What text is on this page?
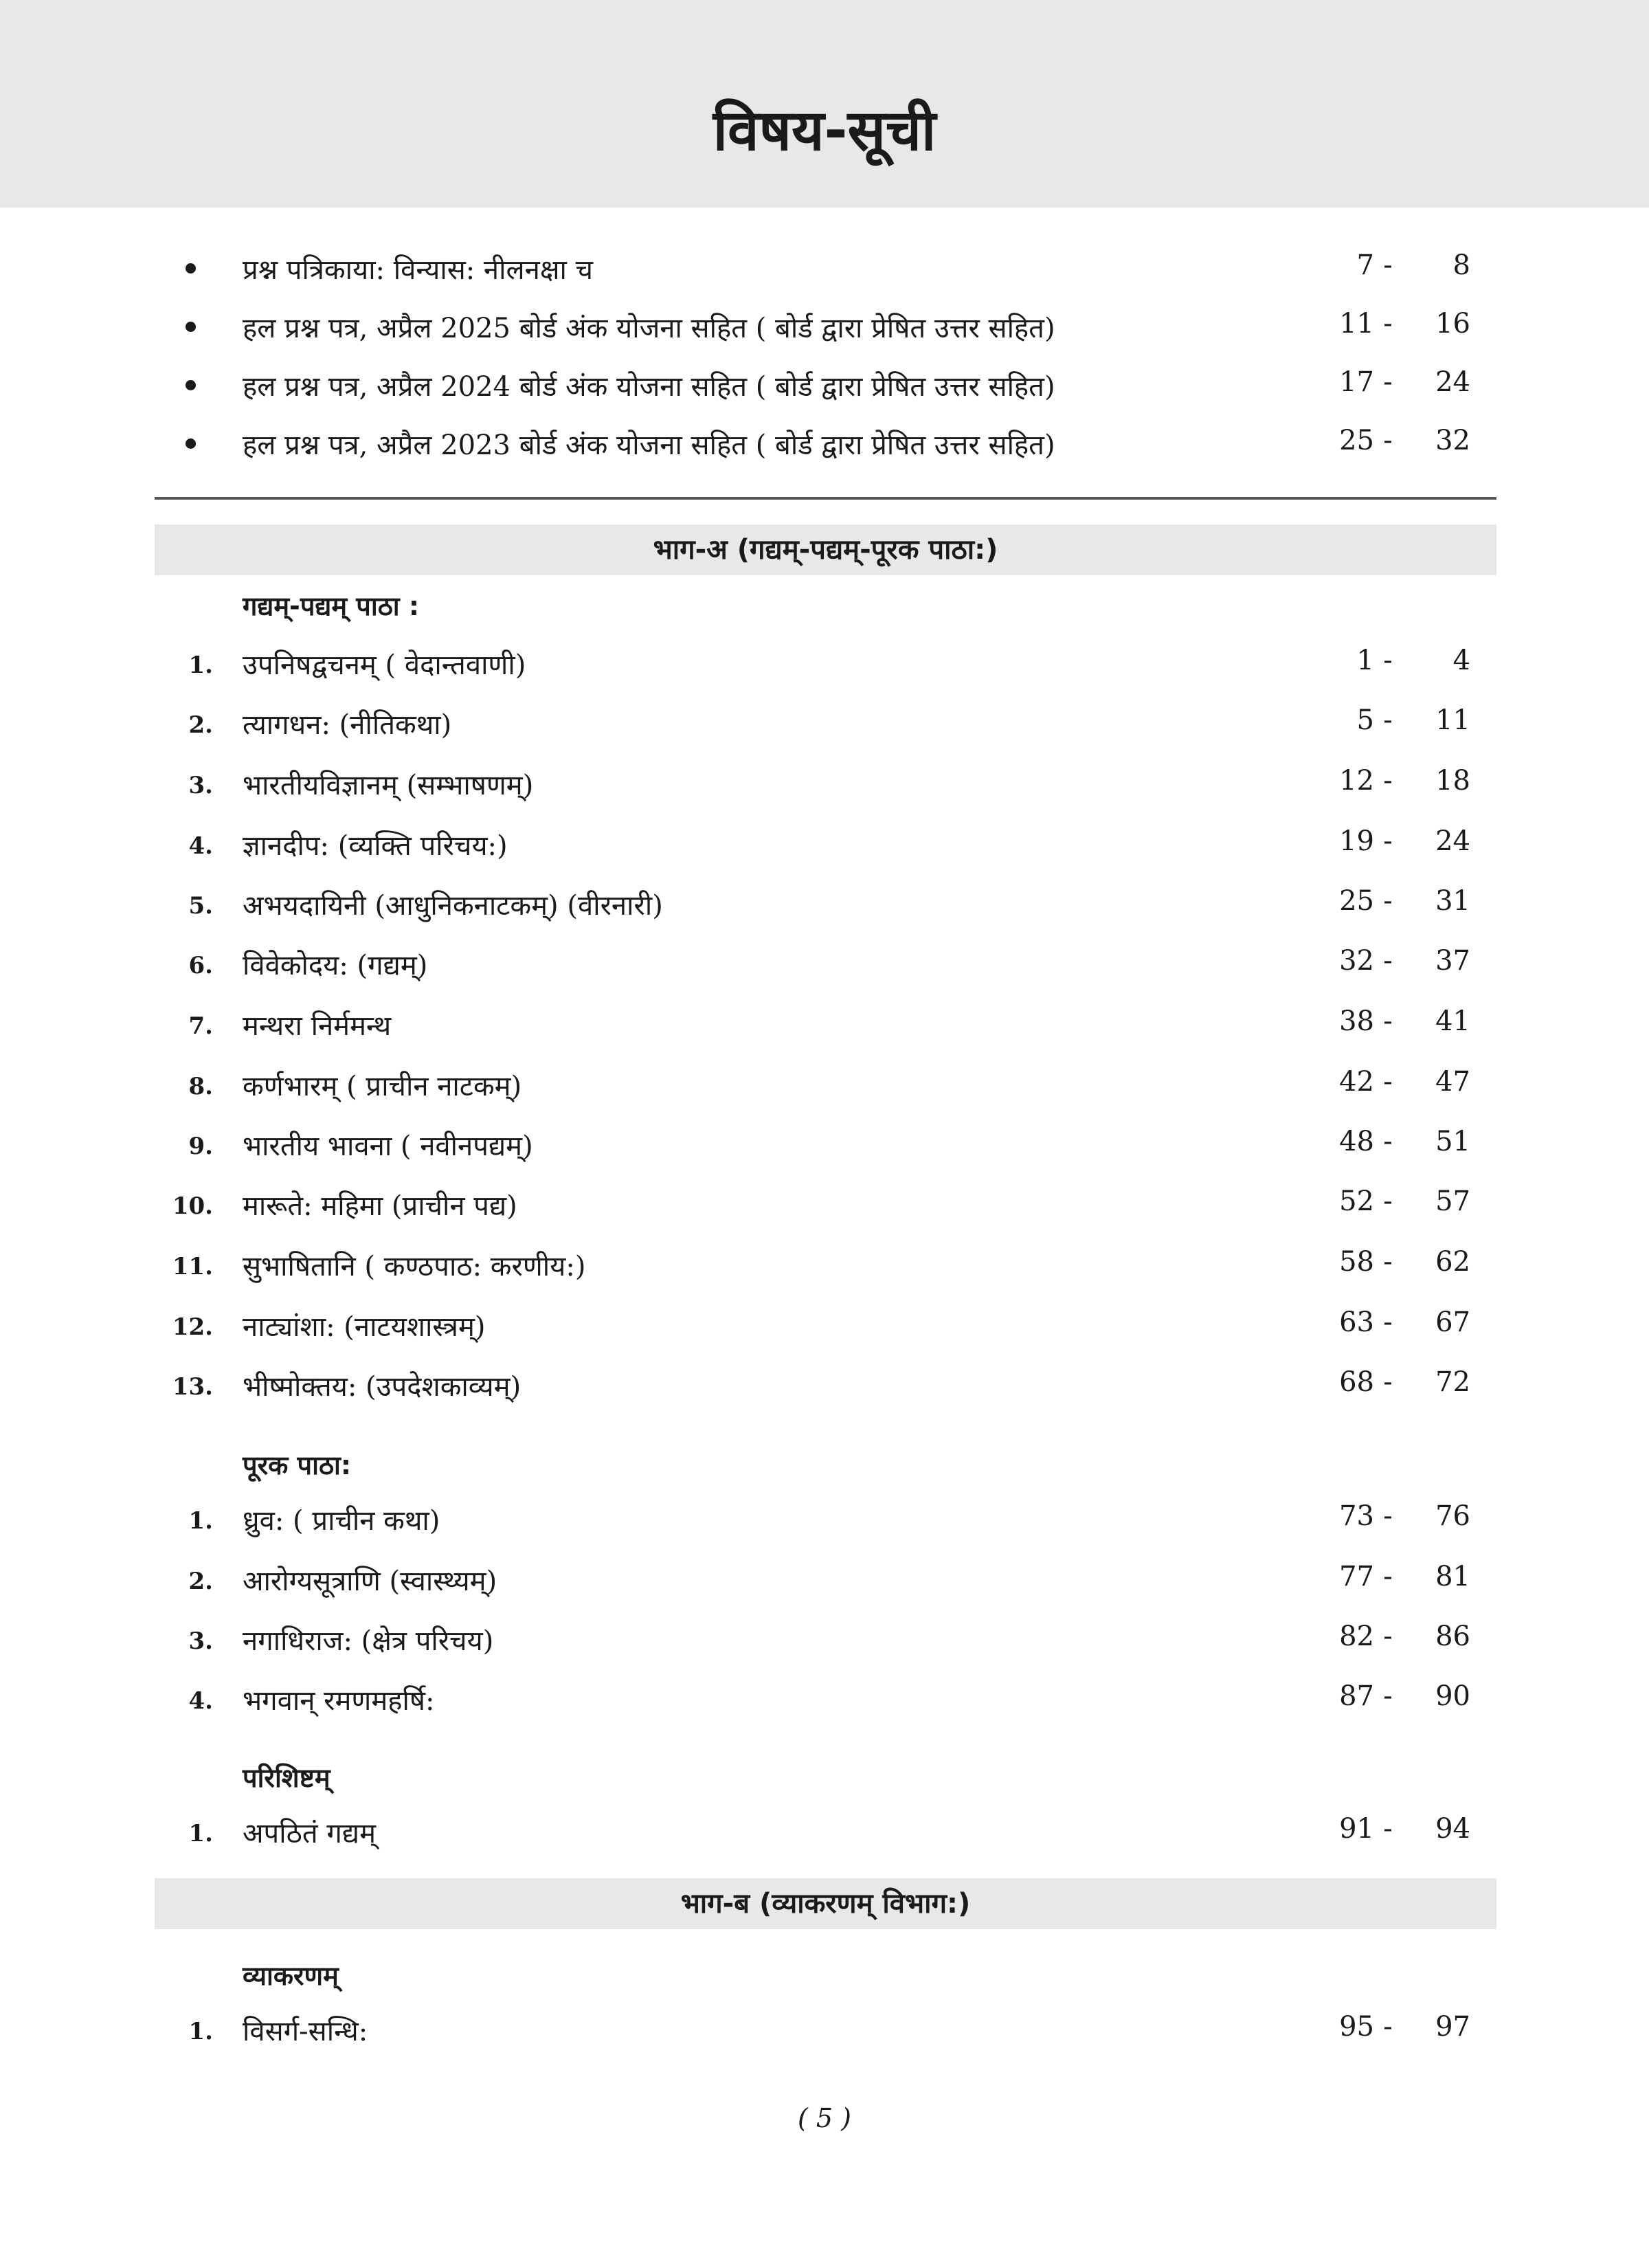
विषय-सूची
प्रश्न पत्रिकाया: विन्यास: नीलनक्षा च	7 -	8
हल प्रश्न पत्र, अप्रैल 2025 बोर्ड अंक योजना सहित ( बोर्ड द्वारा प्रेषित उत्तर सहित)	11 -	16
हल प्रश्न पत्र, अप्रैल 2024 बोर्ड अंक योजना सहित ( बोर्ड द्वारा प्रेषित उत्तर सहित)	17 -	24
हल प्रश्न पत्र, अप्रैल 2023 बोर्ड अंक योजना सहित ( बोर्ड द्वारा प्रेषित उत्तर सहित)	25 -	32
भाग-अ (गद्यम्-पद्यम्-पूरक पाठा:)
गद्यम्-पद्यम् पाठा :
1. उपनिषद्वचनम् ( वेदान्तवाणी)	1 -	4
2. त्यागधन: (नीतिकथा)	5 -	11
3. भारतीयविज्ञानम् (सम्भाषणम्)	12 -	18
4. ज्ञानदीप: (व्यक्ति परिचय:)	19 -	24
5. अभयदायिनी (आधुनिकनाटकम्) (वीरनारी)	25 -	31
6. विवेकोदय: (गद्यम्)	32 -	37
7. मन्थरा निर्ममन्थ	38 -	41
8. कर्णभारम् ( प्राचीन नाटकम्)	42 -	47
9. भारतीय भावना ( नवीनपद्यम्)	48 -	51
10. मारूते: महिमा (प्राचीन पद्य)	52 -	57
11. सुभाषितानि ( कण्ठपाठ: करणीय:)	58 -	62
12. नाट्यांशा: (नाटयशास्त्रम्)	63 -	67
13. भीष्मोक्तय: (उपदेशकाव्यम्)	68 -	72
पूरक पाठा:
1. ध्रुव: ( प्राचीन कथा)	73 -	76
2. आरोग्यसूत्राणि (स्वास्थ्यम्)	77 -	81
3. नगाधिराज: (क्षेत्र परिचय)	82 -	86
4. भगवान् रमणमहर्षि:	87 -	90
परिशिष्टम्
1. अपठितं गद्यम्	91 -	94
भाग-ब (व्याकरणम् विभाग:)
व्याकरणम्
1. विसर्ग-सन्धि:	95 -	97
( 5 )
